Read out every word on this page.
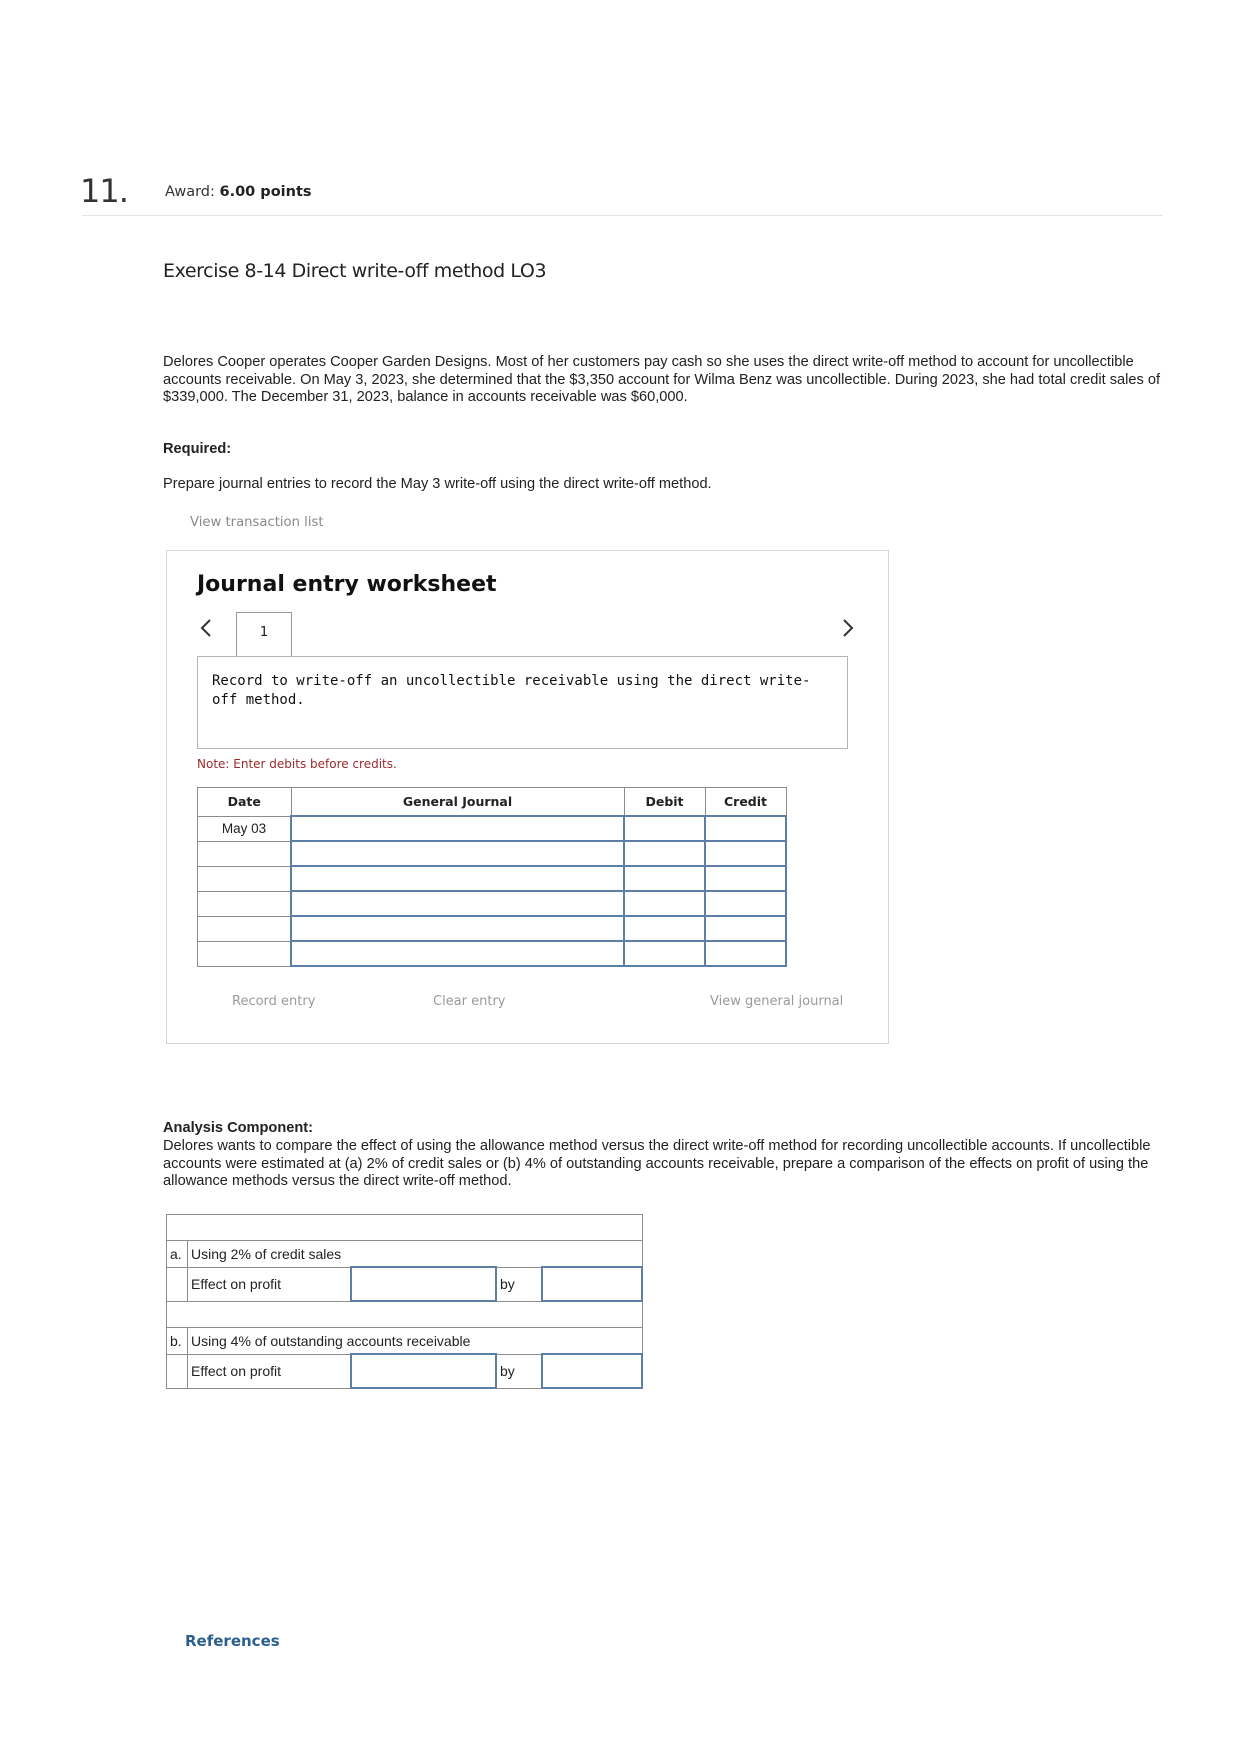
11.	Award: 6.00 points
Exercise 8-14 Direct write-off method LO3
Delores Cooper operates Cooper Garden Designs. Most of her customers pay cash so she uses the direct write-off method to account for uncollectible accounts receivable. On May 3, 2023, she determined that the $3,350 account for Wilma Benz was uncollectible. During 2023, she had total credit sales of $339,000. The December 31, 2023, balance in accounts receivable was $60,000.
Required:
Prepare journal entries to record the May 3 write-off using the direct write-off method.
View transaction list
Journal entry worksheet
1
Record to write-off an uncollectible receivable using the direct write-off method.
Note: Enter debits before credits.
Date	General Journal	Debit	Credit
May 03			

Record entry	Clear entry	View general journal
Analysis Component:
Delores wants to compare the effect of using the allowance method versus the direct write-off method for recording uncollectible accounts. If uncollectible accounts were estimated at (a) 2% of credit sales or (b) 4% of outstanding accounts receivable, prepare a comparison of the effects on profit of using the allowance methods versus the direct write-off method.

a.	Using 2% of credit sales			
	Effect on profit		by	

b.	Using 4% of outstanding accounts receivable			
	Effect on profit		by	
References
